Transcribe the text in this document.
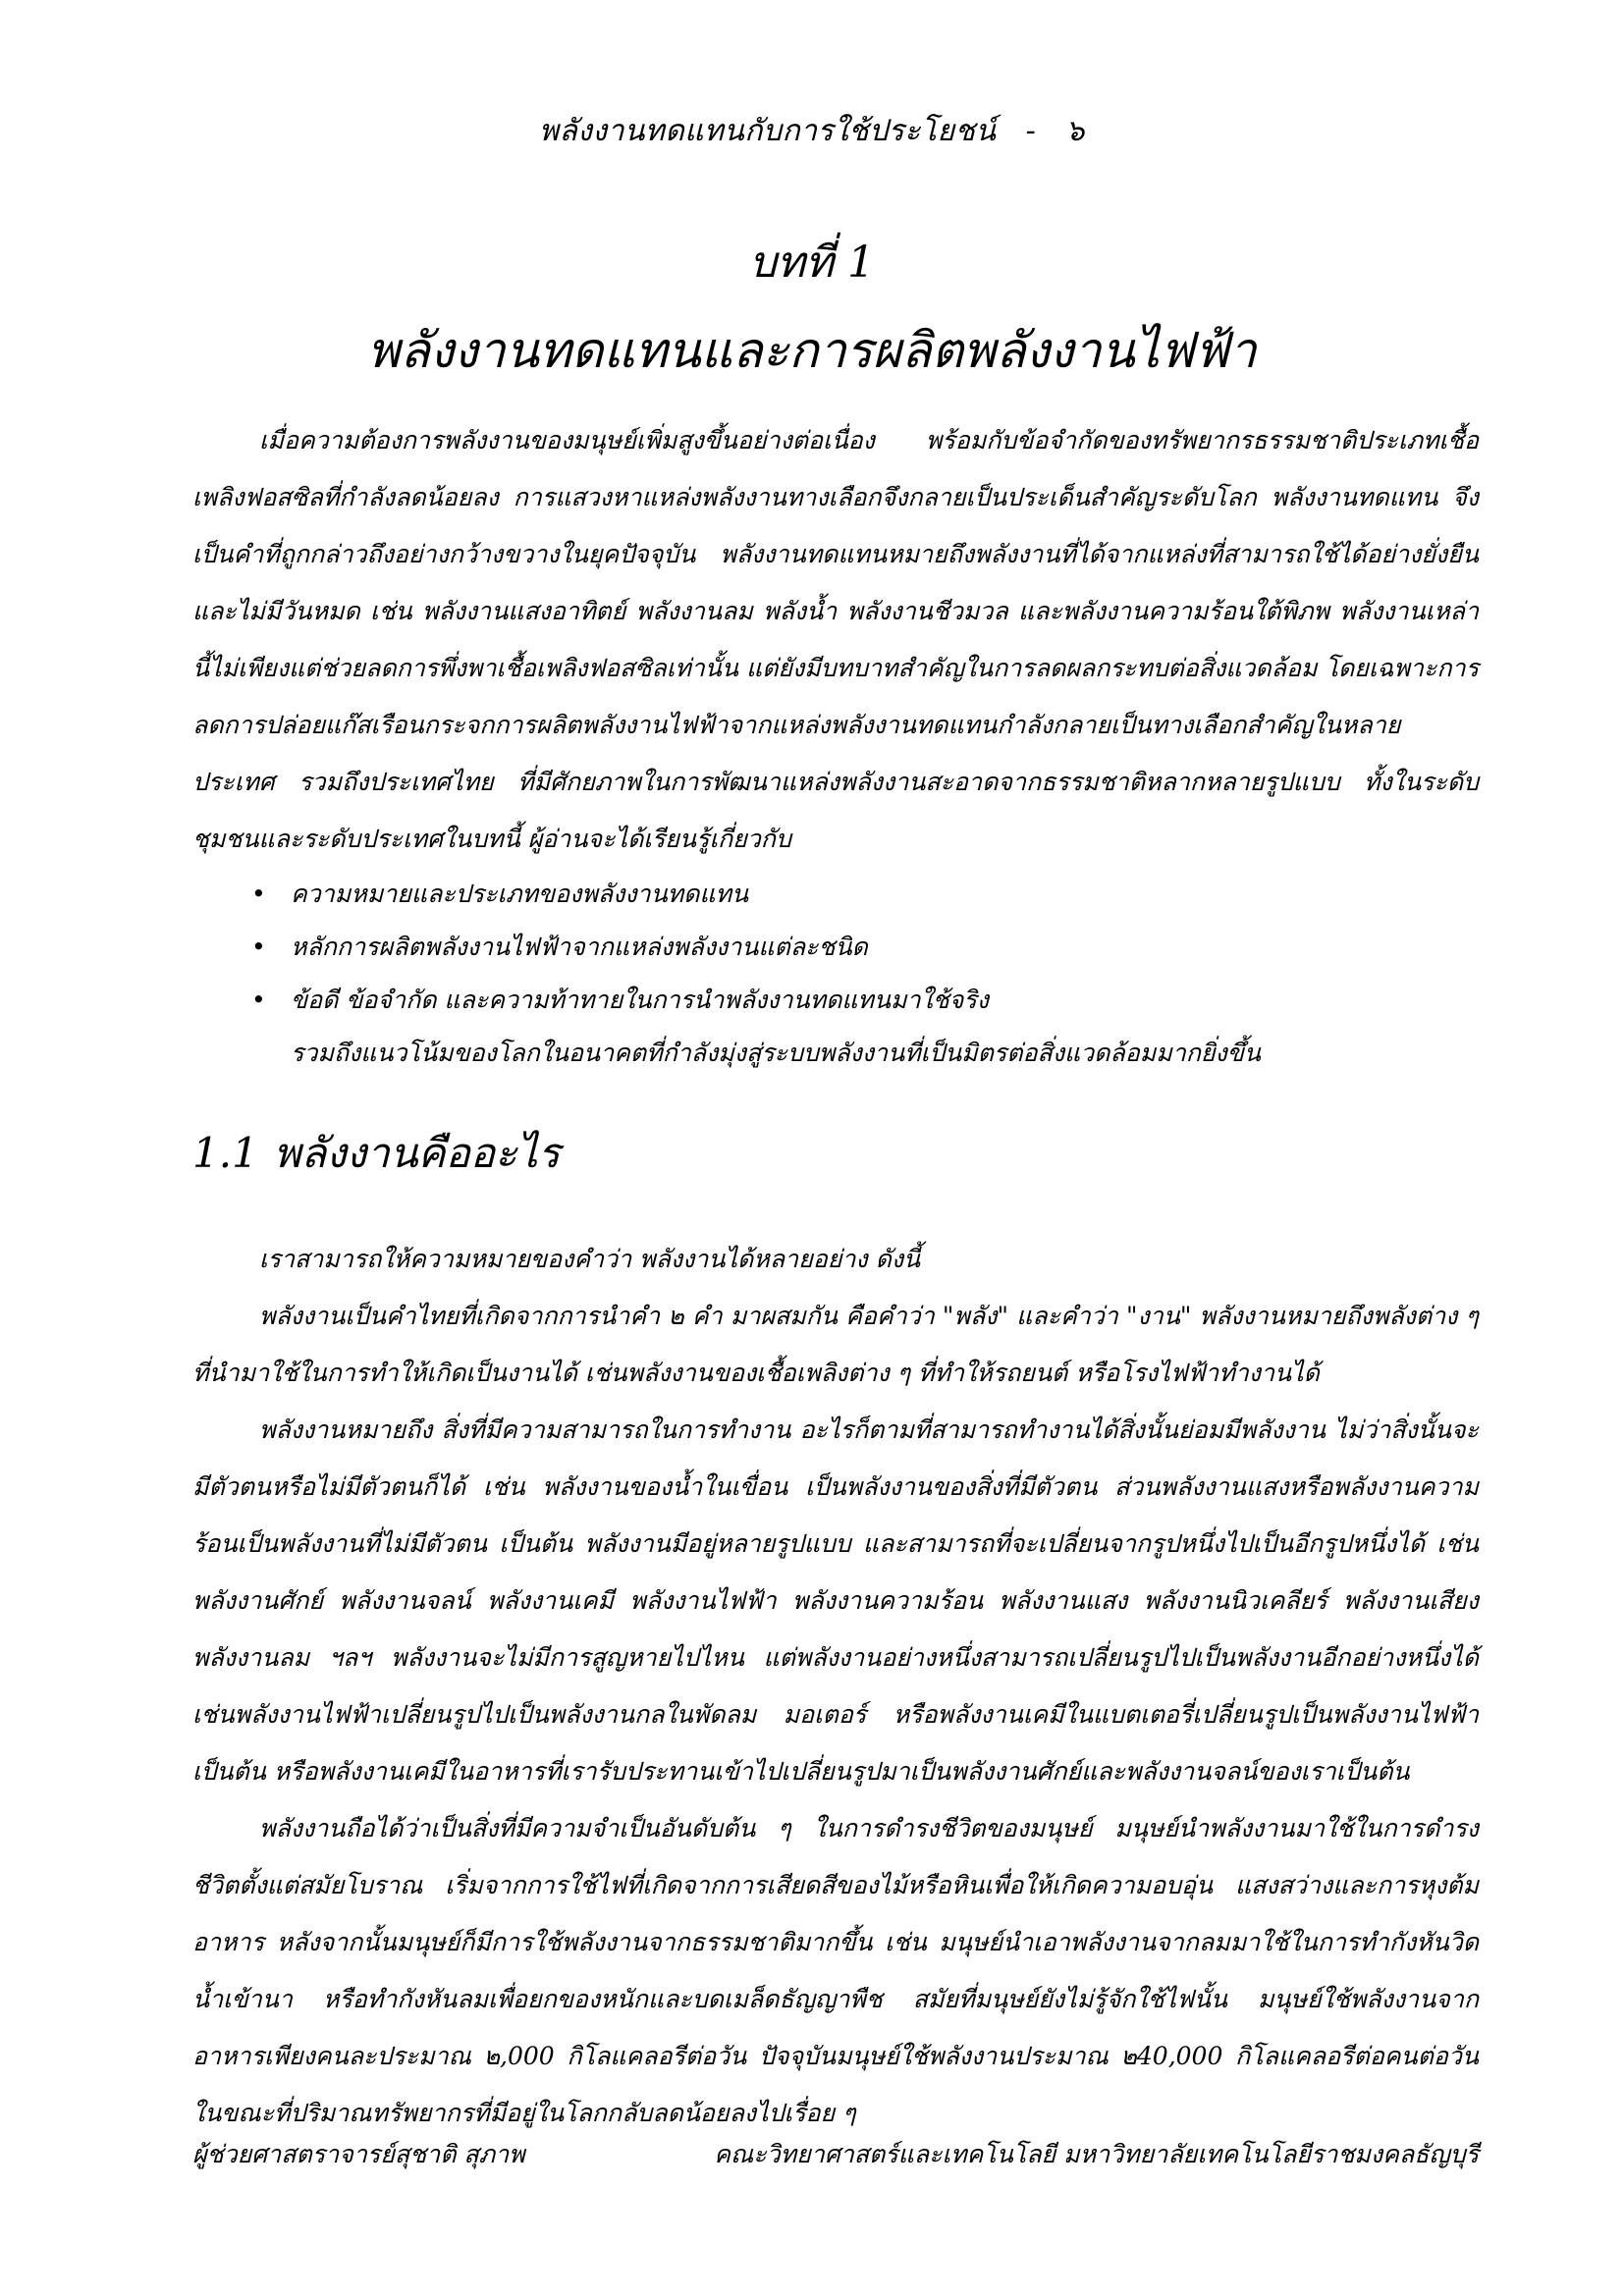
พลังงานทดแทนกับการใช้ประโยชน์ - ๖
บทที่ 1
พลังงานทดแทนและการผลิตพลังงานไฟฟ้า

เมื่อความต้องการพลังงานของมนุษย์เพิ่มสูงขึ้นอย่างต่อเนื่อง พร้อมกับข้อจำกัดของทรัพยากรธรรมชาติประเภทเชื้อเพลิงฟอสซิลที่กำลังลดน้อยลง การแสวงหาแหล่งพลังงานทางเลือกจึงกลายเป็นประเด็นสำคัญระดับโลก พลังงานทดแทน จึงเป็นคำที่ถูกกล่าวถึงอย่างกว้างขวางในยุคปัจจุบัน พลังงานทดแทนหมายถึงพลังงานที่ได้จากแหล่งที่สามารถใช้ได้อย่างยั่งยืนและไม่มีวันหมด เช่น พลังงานแสงอาทิตย์ พลังงานลม พลังน้ำ พลังงานชีวมวล และพลังงานความร้อนใต้พิภพ พลังงานเหล่านี้ไม่เพียงแต่ช่วยลดการพึ่งพาเชื้อเพลิงฟอสซิลเท่านั้น แต่ยังมีบทบาทสำคัญในการลดผลกระทบต่อสิ่งแวดล้อม โดยเฉพาะการลดการปล่อยแก๊สเรือนกระจกการผลิตพลังงานไฟฟ้าจากแหล่งพลังงานทดแทนกำลังกลายเป็นทางเลือกสำคัญในหลายประเทศ รวมถึงประเทศไทย ที่มีศักยภาพในการพัฒนาแหล่งพลังงานสะอาดจากธรรมชาติหลากหลายรูปแบบ ทั้งในระดับชุมชนและระดับประเทศในบทนี้ ผู้อ่านจะได้เรียนรู้เกี่ยวกับ

• ความหมายและประเภทของพลังงานทดแทน
• หลักการผลิตพลังงานไฟฟ้าจากแหล่งพลังงานแต่ละชนิด
• ข้อดี ข้อจำกัด และความท้าทายในการนำพลังงานทดแทนมาใช้จริง
รวมถึงแนวโน้มของโลกในอนาคตที่กำลังมุ่งสู่ระบบพลังงานที่เป็นมิตรต่อสิ่งแวดล้อมมากยิ่งขึ้น
1.1 พลังงานคืออะไร

เราสามารถให้ความหมายของคำว่า พลังงานได้หลายอย่าง ดังนี้

พลังงานเป็นคำไทยที่เกิดจากการนำคำ ๒ คำ มาผสมกัน คือคำว่า "พลัง" และคำว่า "งาน" พลังงานหมายถึงพลังต่าง ๆ ที่นำมาใช้ในการทำให้เกิดเป็นงานได้ เช่นพลังงานของเชื้อเพลิงต่าง ๆ ที่ทำให้รถยนต์ หรือโรงไฟฟ้าทำงานได้

พลังงานหมายถึง สิ่งที่มีความสามารถในการทำงาน อะไรก็ตามที่สามารถทำงานได้สิ่งนั้นย่อมมีพลังงาน ไม่ว่าสิ่งนั้นจะมีตัวตนหรือไม่มีตัวตนก็ได้ เช่น พลังงานของน้ำในเขื่อน เป็นพลังงานของสิ่งที่มีตัวตน ส่วนพลังงานแสงหรือพลังงานความร้อนเป็นพลังงานที่ไม่มีตัวตน เป็นต้น พลังงานมีอยู่หลายรูปแบบ และสามารถที่จะเปลี่ยนจากรูปหนึ่งไปเป็นอีกรูปหนึ่งได้ เช่น พลังงานศักย์ พลังงานจลน์ พลังงานเคมี พลังงานไฟฟ้า พลังงานความร้อน พลังงานแสง พลังงานนิวเคลียร์ พลังงานเสียง พลังงานลม ฯลฯ พลังงานจะไม่มีการสูญหายไปไหน แต่พลังงานอย่างหนึ่งสามารถเปลี่ยนรูปไปเป็นพลังงานอีกอย่างหนึ่งได้ เช่นพลังงานไฟฟ้าเปลี่ยนรูปไปเป็นพลังงานกลในพัดลม มอเตอร์ หรือพลังงานเคมีในแบตเตอรี่เปลี่ยนรูปเป็นพลังงานไฟฟ้าเป็นต้น หรือพลังงานเคมีในอาหารที่เรารับประทานเข้าไปเปลี่ยนรูปมาเป็นพลังงานศักย์และพลังงานจลน์ของเราเป็นต้น

พลังงานถือได้ว่าเป็นสิ่งที่มีความจำเป็นอันดับต้น ๆ ในการดำรงชีวิตของมนุษย์ มนุษย์นำพลังงานมาใช้ในการดำรงชีวิตตั้งแต่สมัยโบราณ เริ่มจากการใช้ไฟที่เกิดจากการเสียดสีของไม้หรือหินเพื่อให้เกิดความอบอุ่น แสงสว่างและการหุงต้มอาหาร หลังจากนั้นมนุษย์ก็มีการใช้พลังงานจากธรรมชาติมากขึ้น เช่น มนุษย์นำเอาพลังงานจากลมมาใช้ในการทำกังหันวิดน้ำเข้านา หรือทำกังหันลมเพื่อยกของหนักและบดเมล็ดธัญญาพืช สมัยที่มนุษย์ยังไม่รู้จักใช้ไฟนั้น มนุษย์ใช้พลังงานจากอาหารเพียงคนละประมาณ ๒,000 กิโลแคลอรีต่อวัน ปัจจุบันมนุษย์ใช้พลังงานประมาณ ๒40,000 กิโลแคลอรีต่อคนต่อวัน ในขณะที่ปริมาณทรัพยากรที่มีอยู่ในโลกกลับลดน้อยลงไปเรื่อย ๆ

ผู้ช่วยศาสตราจารย์สุชาติ สุภาพ	คณะวิทยาศาสตร์และเทคโนโลยี มหาวิทยาลัยเทคโนโลยีราชมงคลธัญบุรี
